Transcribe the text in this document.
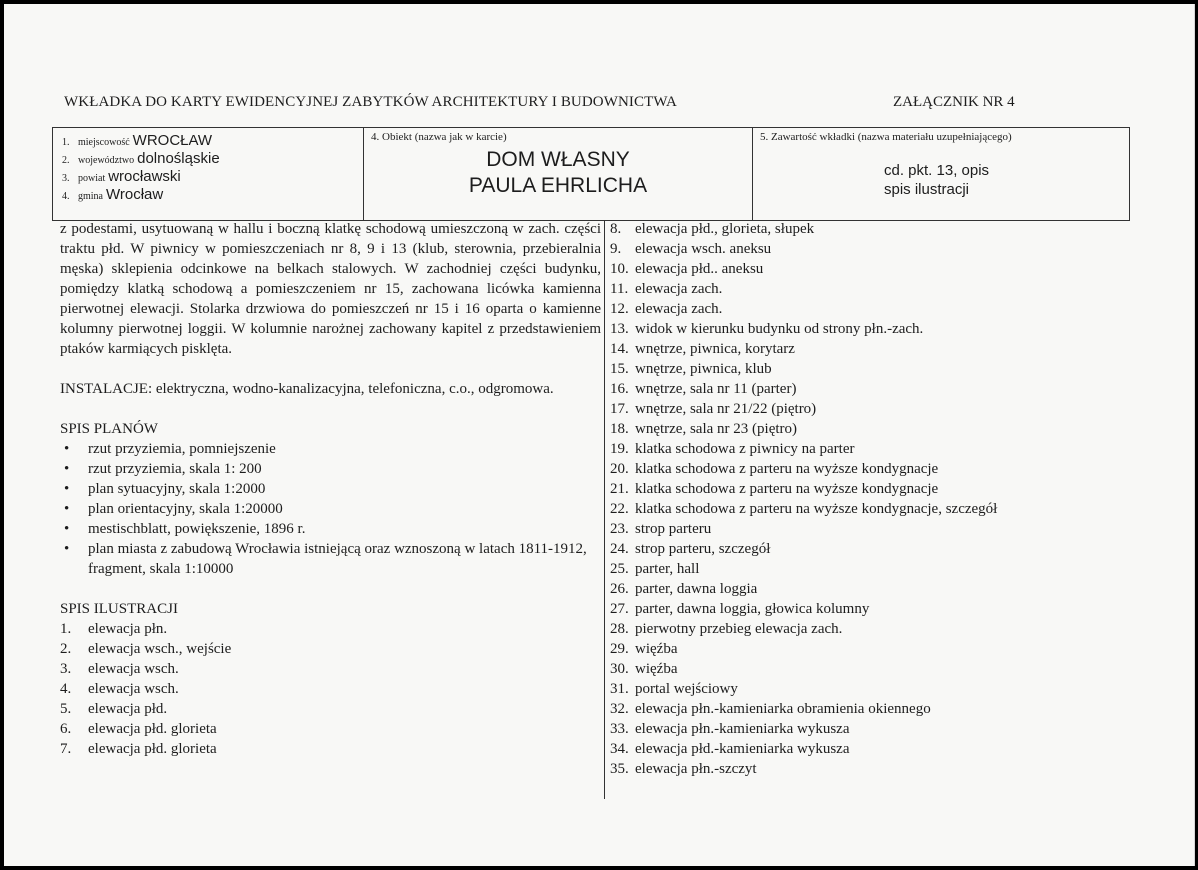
WKŁADKA DO KARTY EWIDENCYJNEJ ZABYTKÓW ARCHITEKTURY I BUDOWNICTWA	ZAŁĄCZNIK NR 4
1. miejscowość WROCŁAW
2. województwo dolnośląskie
3. powiat wrocławski
4. gmina Wrocław
4. Obiekt (nazwa jak w karcie)
DOM WŁASNY
PAULA EHRLICHA
5. Zawartość wkładki (nazwa materiału uzupełniającego)
cd. pkt. 13, opis
spis ilustracji
z podestami, usytuowaną w hallu i boczną klatkę schodową umieszczoną w zach. części traktu płd. W piwnicy w pomieszczeniach nr 8, 9 i 13 (klub, sterownia, przebieralnia męska) sklepienia odcinkowe na belkach stalowych. W zachodniej części budynku, pomiędzy klatką schodową a pomieszczeniem nr 15, zachowana licówka kamienna pierwotnej elewacji. Stolarka drzwiowa do pomieszczeń nr 15 i 16 oparta o kamienne kolumny pierwotnej loggii. W kolumnie narożnej zachowany kapitel z przedstawieniem ptaków karmiących pisklęta.
INSTALACJE: elektryczna, wodno-kanalizacyjna, telefoniczna, c.o., odgromowa.
SPIS PLANÓW
• rzut przyziemia, pomniejszenie
• rzut przyziemia, skala 1: 200
• plan sytuacyjny, skala 1:2000
• plan orientacyjny, skala 1:20000
• mestischblatt, powiększenie, 1896 r.
• plan miasta z zabudową Wrocławia istniejącą oraz wznoszoną w latach 1811-1912, fragment, skala 1:10000
SPIS ILUSTRACJI
1.	elewacja płn.
2.	elewacja wsch., wejście
3.	elewacja wsch.
4.	elewacja wsch.
5.	elewacja płd.
6.	elewacja płd. glorieta
7.	elewacja płd. glorieta
8. elewacja płd., glorieta, słupek
9. elewacja wsch. aneksu
10. elewacja płd.. aneksu
11. elewacja zach.
12. elewacja zach.
13. widok w kierunku budynku od strony płn.-zach.
14. wnętrze, piwnica, korytarz
15. wnętrze, piwnica, klub
16. wnętrze, sala nr 11 (parter)
17. wnętrze, sala nr 21/22 (piętro)
18. wnętrze, sala nr 23 (piętro)
19. klatka schodowa z piwnicy na parter
20. klatka schodowa z parteru na wyższe kondygnacje
21. klatka schodowa z parteru na wyższe kondygnacje
22. klatka schodowa z parteru na wyższe kondygnacje, szczegół
23. strop parteru
24. strop parteru, szczegół
25. parter, hall
26. parter, dawna loggia
27. parter, dawna loggia, głowica kolumny
28. pierwotny przebieg elewacja zach.
29. więźba
30. więźba
31. portal wejściowy
32. elewacja płn.-kamieniarka obramienia okiennego
33. elewacja płn.-kamieniarka wykusza
34. elewacja płd.-kamieniarka wykusza
35. elewacja płn.-szczyt
